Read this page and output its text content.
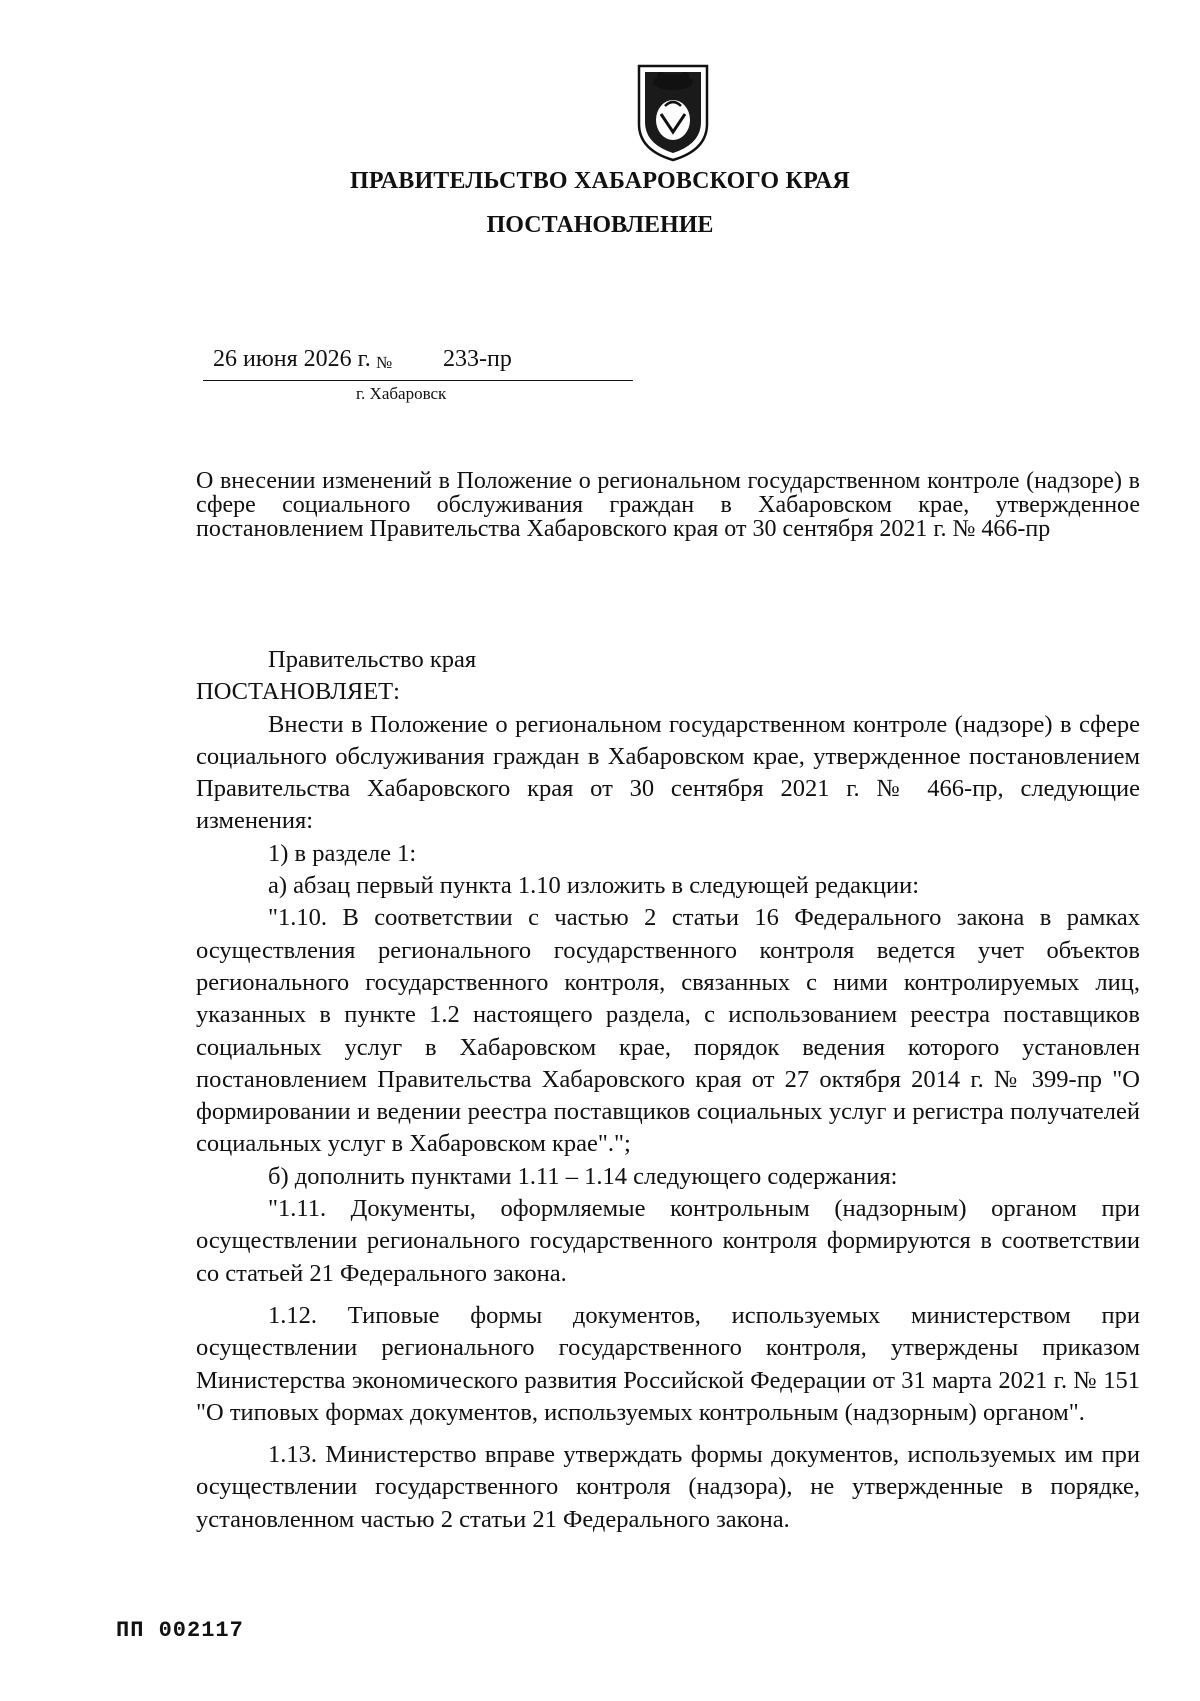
ПРАВИТЕЛЬСТВО ХАБАРОВСКОГО КРАЯ
ПОСТАНОВЛЕНИЕ
26 июня 2026 г. № 233-пр
г. Хабаровск
О внесении изменений в Положение о региональном государственном контроле (надзоре) в сфере социального обслуживания граждан в Хабаровском крае, утвержденное постановлением Правительства Хабаровского края от 30 сентября 2021 г. № 466-пр

Правительство края

ПОСТАНОВЛЯЕТ:

Внести в Положение о региональном государственном контроле (надзоре) в сфере социального обслуживания граждан в Хабаровском крае, утвержденное постановлением Правительства Хабаровского края от 30 сентября 2021 г. № 466-пр, следующие изменения:

1) в разделе 1:

а) абзац первый пункта 1.10 изложить в следующей редакции:

"1.10. В соответствии с частью 2 статьи 16 Федерального закона в рамках осуществления регионального государственного контроля ведется учет объектов регионального государственного контроля, связанных с ними контролируемых лиц, указанных в пункте 1.2 настоящего раздела, с использованием реестра поставщиков социальных услуг в Хабаровском крае, порядок ведения которого установлен постановлением Правительства Хабаровского края от 27 октября 2014 г. № 399-пр "О формировании и ведении реестра поставщиков социальных услуг и регистра получателей социальных услуг в Хабаровском крае".";

б) дополнить пунктами 1.11 – 1.14 следующего содержания:

"1.11. Документы, оформляемые контрольным (надзорным) органом при осуществлении регионального государственного контроля формируются в соответствии со статьей 21 Федерального закона.

1.12. Типовые формы документов, используемых министерством при осуществлении регионального государственного контроля, утверждены приказом Министерства экономического развития Российской Федерации от 31 марта 2021 г. № 151 "О типовых формах документов, используемых контрольным (надзорным) органом".

1.13. Министерство вправе утверждать формы документов, используемых им при осуществлении государственного контроля (надзора), не утвержденные в порядке, установленном частью 2 статьи 21 Федерального закона.

ПП 002117
